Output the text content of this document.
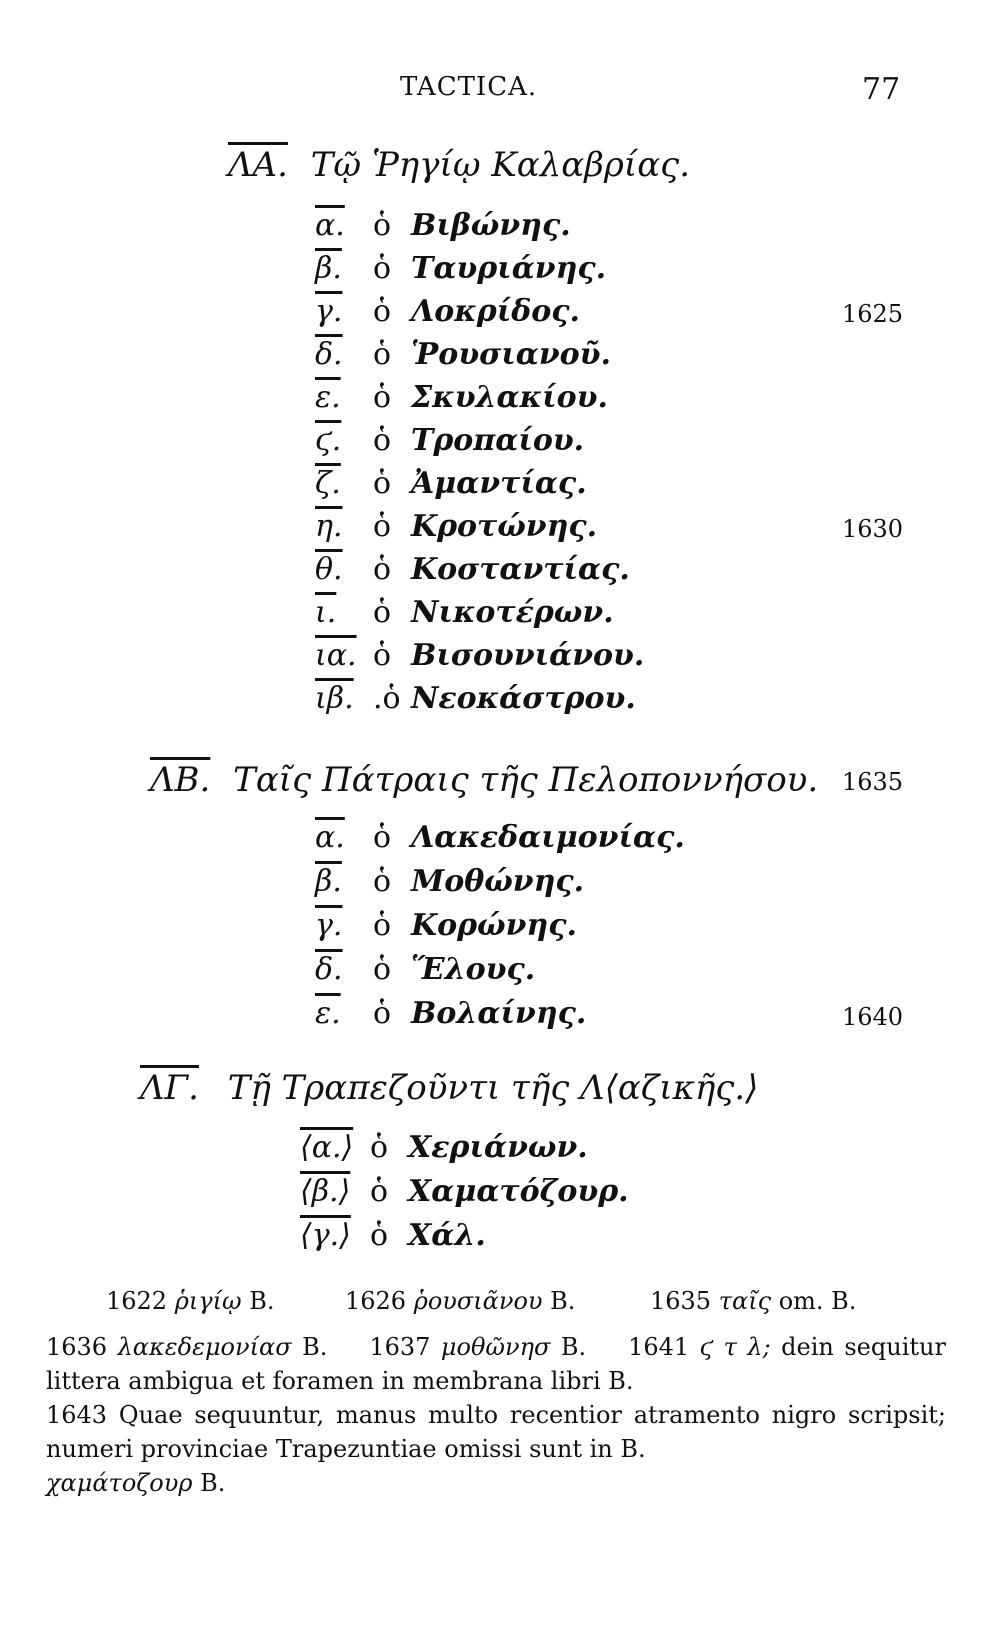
TACTICA.	77
ΛΑ. Τῷ Ῥηγίῳ Καλαβρίας.
α. ὁ Βιβώνης.
β. ὁ Ταυριάνης.
γ. ὁ Λοκρίδος.
δ. ὁ Ῥουσιανοῦ.
ε. ὁ Σκυλακίου.
ϛ. ὁ Τροπαίου.
ζ. ὁ Ἀμαντίας.
η. ὁ Κροτώνης.
θ. ὁ Κοσταντίας.
ι. ὁ Νικοτέρων.
ια. ὁ Βισουνιάνου.
ιβ. .ὁ Νεοκάστρου.
1625
1630
ΛΒ. Ταῖς Πάτραις τῆς Πελοποννήσου. 1635
α. ὁ Λακεδαιμονίας.
β. ὁ Μοθώνης.
γ. ὁ Κορώνης.
δ. ὁ Ἕλους.
ε. ὁ Βολαίνης.	1640
ΛΓ. Τῇ Τραπεζοῦντι τῆς Λ⟨αζικῆς.⟩
⟨α.⟩ ὁ Χεριάνων.
⟨β.⟩ ὁ Χαματόζουρ.
⟨γ.⟩ ὁ Χάλ.
1622 ῥιγίῳ B.	1626 ῥουσιᾶνου B.	1635 ταῖς om. B.
1636 λακεδεμονίασ B. 1637 μοθῶνησ B. 1641 ϛ τ λ; dein sequitur littera ambigua et foramen in membrana libri B.
1643 Quae sequuntur, manus multo recentior atramento nigro scripsit; numeri provinciae Trapezuntiae omissi sunt in B.
χαμάτοζουρ B.
